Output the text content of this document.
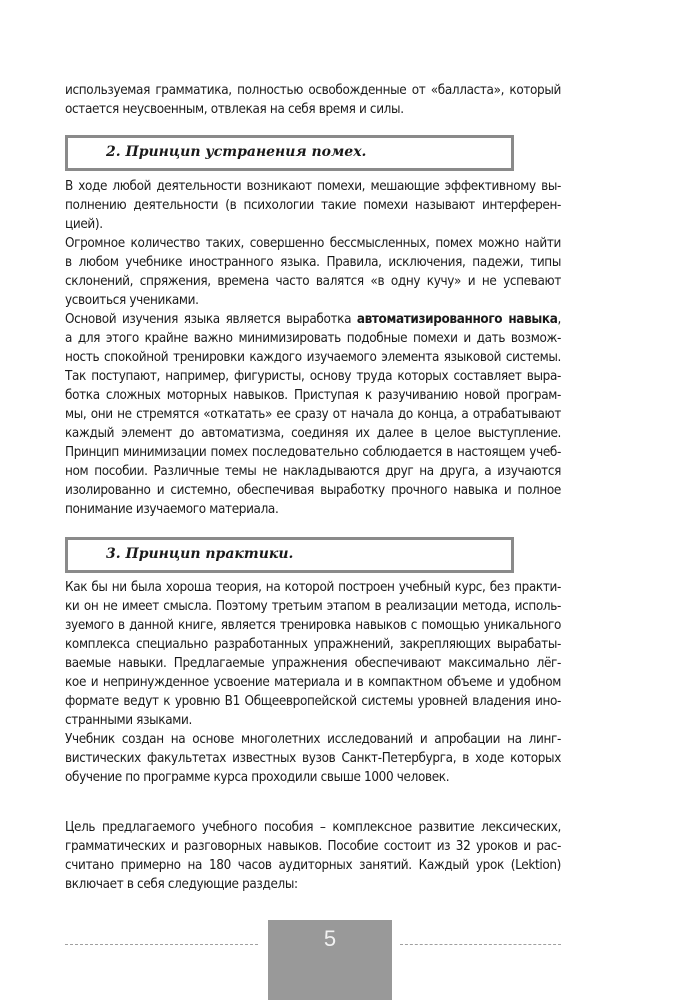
используемая грамматика, полностью освобожденные от «балласта», который
остается неусвоенным, отвлекая на себя время и силы.
2. Принцип устранения помех.
В ходе любой деятельности возникают помехи, мешающие эффективному вы-
полнению деятельности (в психологии такие помехи называют интерферен-
цией).
Огромное количество таких, совершенно бессмысленных, помех можно найти
в любом учебнике иностранного языка. Правила, исключения, падежи, типы
склонений, спряжения, времена часто валятся «в одну кучу» и не успевают
усвоиться учениками.
Основой изучения языка является выработка автоматизированного навыка,
а для этого крайне важно минимизировать подобные помехи и дать возмож-
ность спокойной тренировки каждого изучаемого элемента языковой системы.
Так поступают, например, фигуристы, основу труда которых составляет выра-
ботка сложных моторных навыков. Приступая к разучиванию новой програм-
мы, они не стремятся «откатать» ее сразу от начала до конца, а отрабатывают
каждый элемент до автоматизма, соединяя их далее в целое выступление.
Принцип минимизации помех последовательно соблюдается в настоящем учеб-
ном пособии. Различные темы не накладываются друг на друга, а изучаются
изолированно и системно, обеспечивая выработку прочного навыка и полное
понимание изучаемого материала.
3. Принцип практики.
Как бы ни была хороша теория, на которой построен учебный курс, без практи-
ки он не имеет смысла. Поэтому третьим этапом в реализации метода, исполь-
зуемого в данной книге, является тренировка навыков с помощью уникального
комплекса специально разработанных упражнений, закрепляющих вырабаты-
ваемые навыки. Предлагаемые упражнения обеспечивают максимально лёг-
кое и непринужденное усвоение материала и в компактном объеме и удобном
формате ведут к уровню B1 Общеевропейской системы уровней владения ино-
странными языками.
Учебник создан на основе многолетних исследований и апробации на линг-
вистических факультетах известных вузов Санкт-Петербурга, в ходе которых
обучение по программе курса проходили свыше 1000 человек.
Цель предлагаемого учебного пособия – комплексное развитие лексических,
грамматических и разговорных навыков. Пособие состоит из 32 уроков и рас-
считано примерно на 180 часов аудиторных занятий. Каждый урок (Lektion)
включает в себя следующие разделы:
5
